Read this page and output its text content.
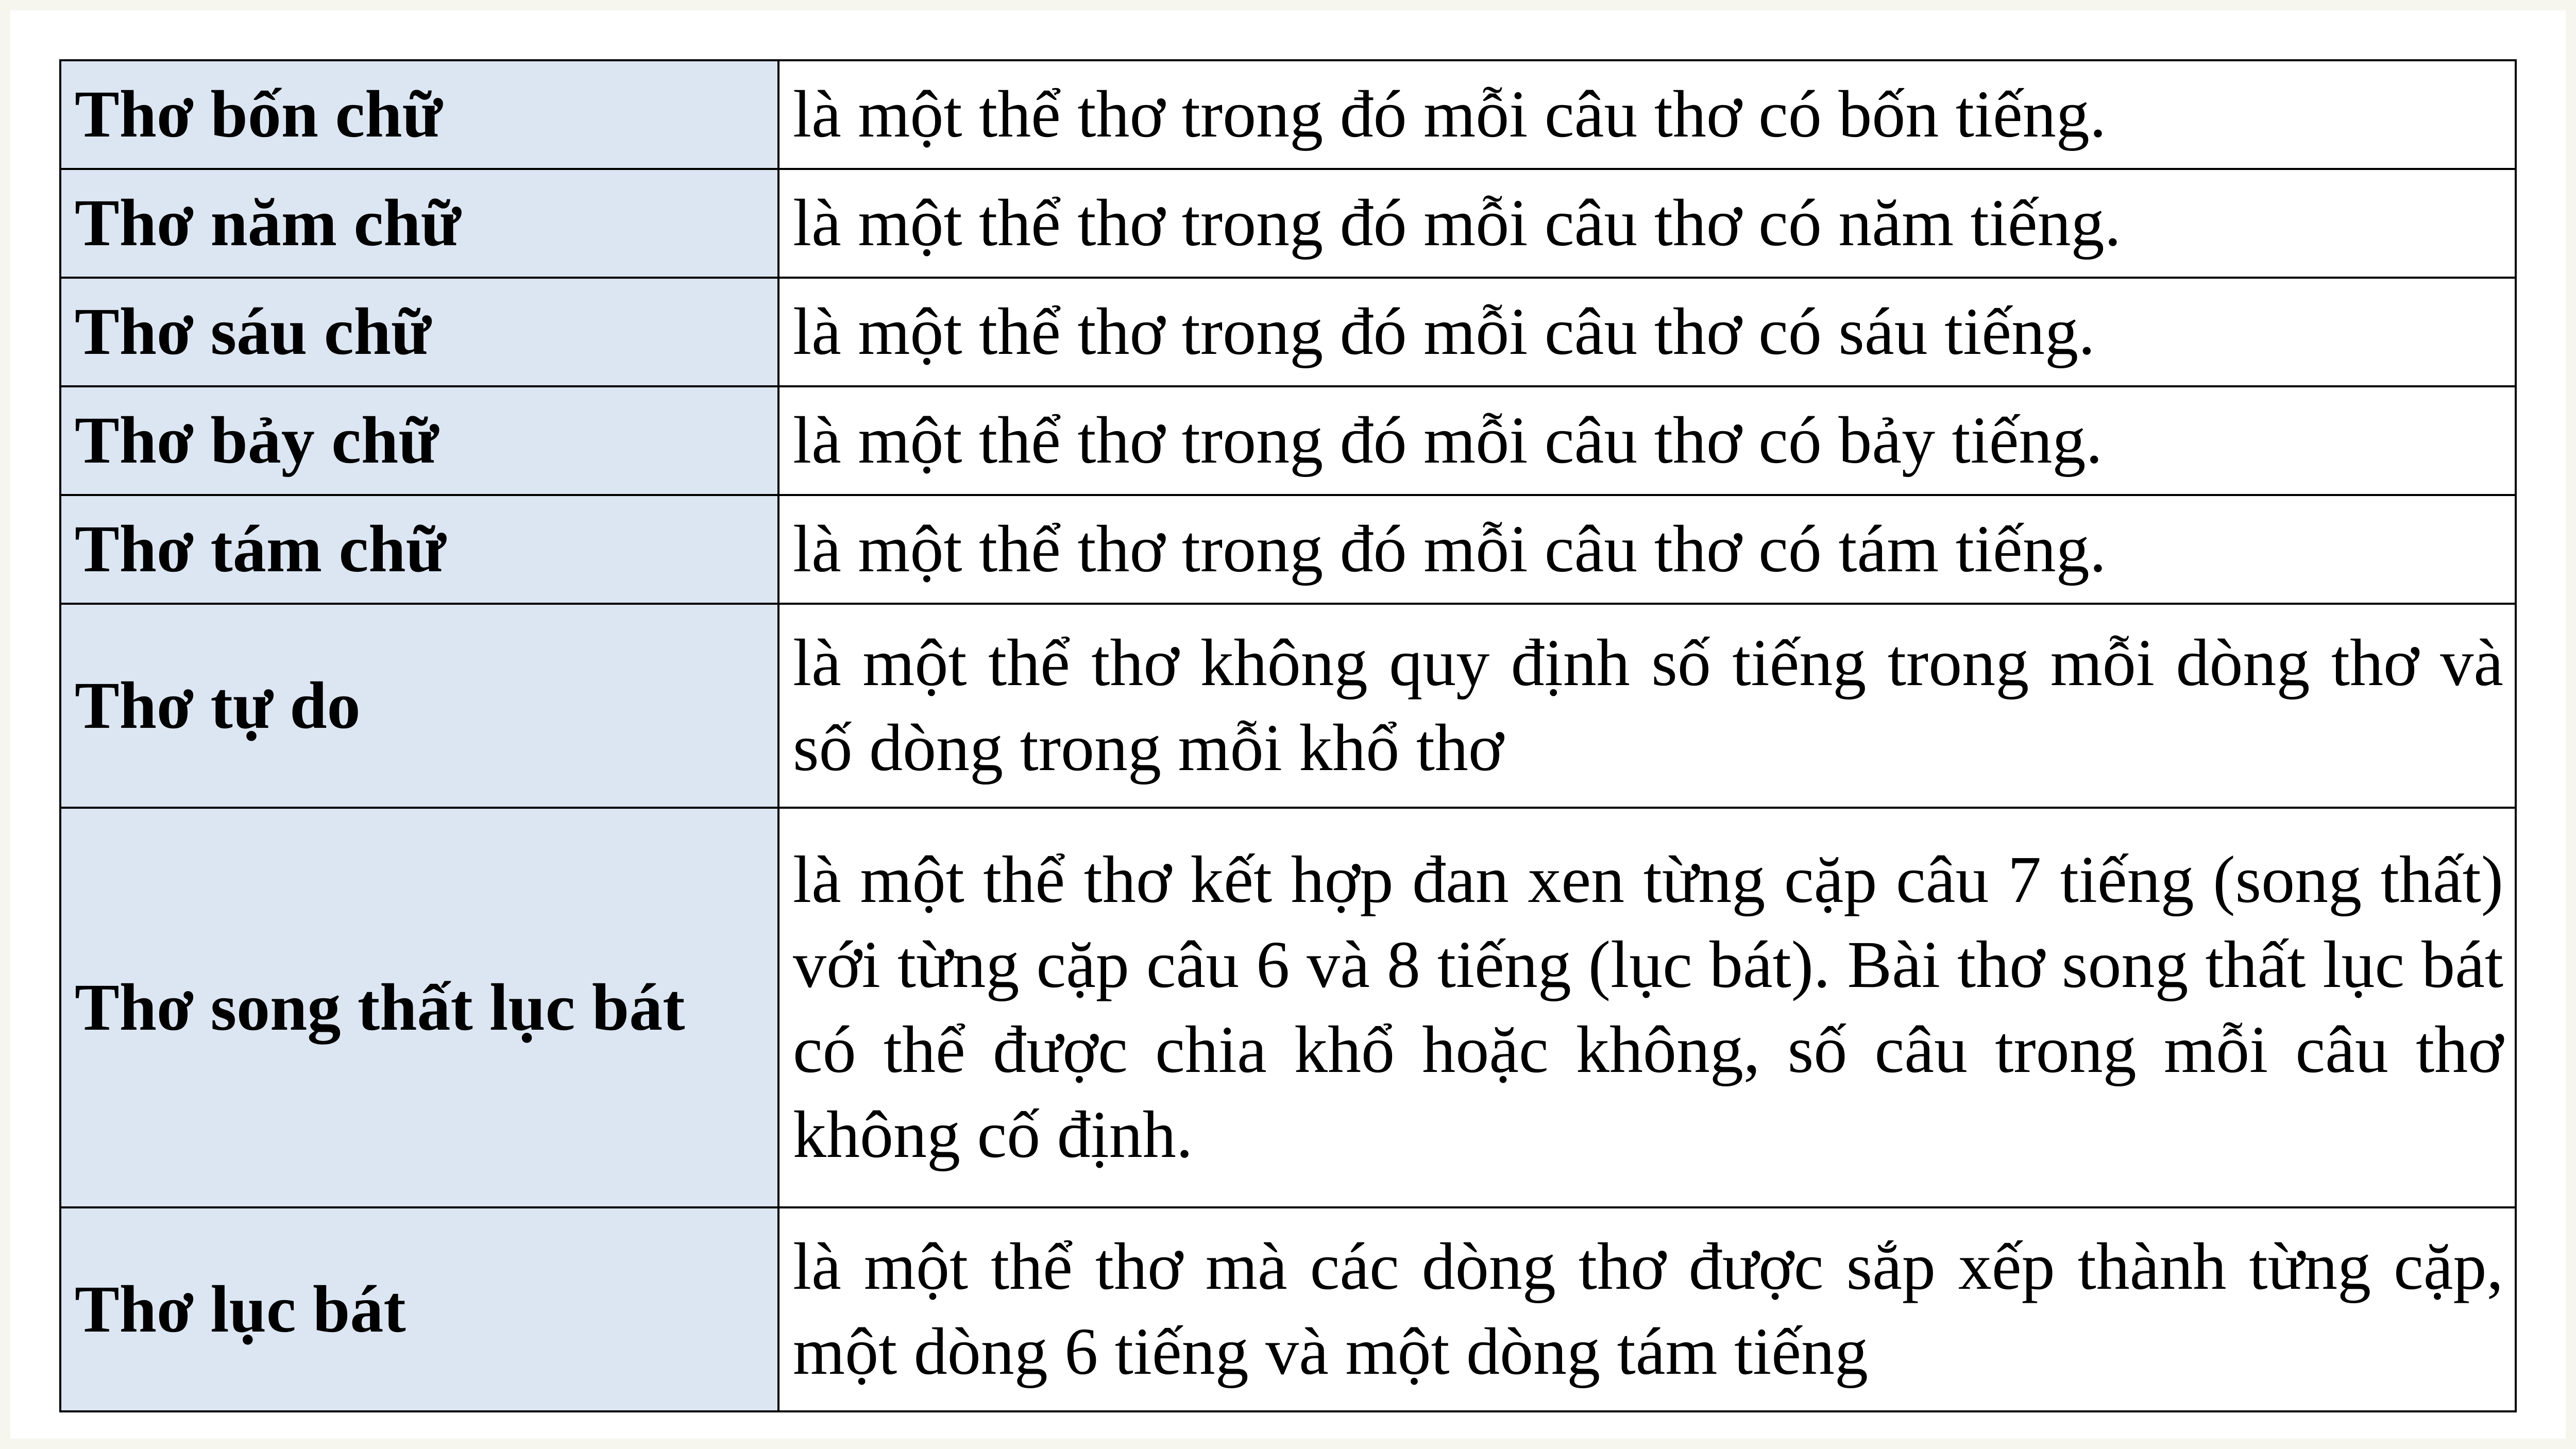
Thơ bốn chữ	là một thể thơ trong đó mỗi câu thơ có bốn tiếng.
Thơ năm chữ	là một thể thơ trong đó mỗi câu thơ có năm tiếng.
Thơ sáu chữ	là một thể thơ trong đó mỗi câu thơ có sáu tiếng.
Thơ bảy chữ	là một thể thơ trong đó mỗi câu thơ có bảy tiếng.
Thơ tám chữ	là một thể thơ trong đó mỗi câu thơ có tám tiếng.
Thơ tự do	là một thể thơ không quy định số tiếng trong mỗi dòng thơ và số dòng trong mỗi khổ thơ
Thơ song thất lục bát	là một thể thơ kết hợp đan xen từng cặp câu 7 tiếng (song thất) với từng cặp câu 6 và 8 tiếng (lục bát). Bài thơ song thất lục bát có thể được chia khổ hoặc không, số câu trong mỗi câu thơ không cố định.
Thơ lục bát	là một thể thơ mà các dòng thơ được sắp xếp thành từng cặp, một dòng 6 tiếng và một dòng tám tiếng
